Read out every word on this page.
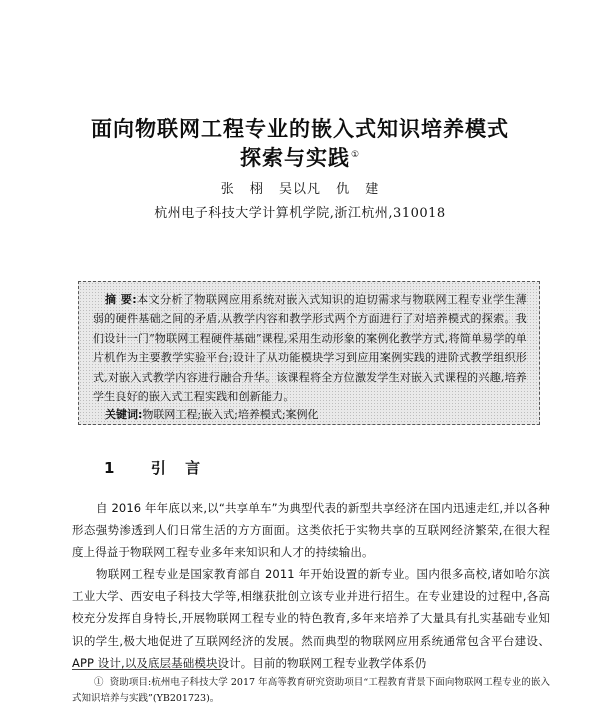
面向物联网工程专业的嵌入式知识培养模式
探索与实践①
张 栩 吴以凡 仇 建
杭州电子科技大学计算机学院,浙江杭州,310018

摘 要:本文分析了物联网应用系统对嵌入式知识的迫切需求与物联网工程专业学生薄弱的硬件基础之间的矛盾,从教学内容和教学形式两个方面进行了对培养模式的探索。我们设计一门“物联网工程硬件基础”课程,采用生动形象的案例化教学方式,将简单易学的单片机作为主要教学实验平台;设计了从功能模块学习到应用案例实践的进阶式教学组织形式,对嵌入式教学内容进行融合升华。该课程将全方位激发学生对嵌入式课程的兴趣,培养学生良好的嵌入式工程实践和创新能力。

关键词:物联网工程;嵌入式;培养模式;案例化

1 引 言

自 2016 年年底以来,以“共享单车”为典型代表的新型共享经济在国内迅速走红,并以各种形态强势渗透到人们日常生活的方方面面。这类依托于实物共享的互联网经济繁荣,在很大程度上得益于物联网工程专业多年来知识和人才的持续输出。

物联网工程专业是国家教育部自 2011 年开始设置的新专业。国内很多高校,诸如哈尔滨工业大学、西安电子科技大学等,相继获批创立该专业并进行招生。在专业建设的过程中,各高校充分发挥自身特长,开展物联网工程专业的特色教育,多年来培养了大量具有扎实基础专业知识的学生,极大地促进了互联网经济的发展。然而典型的物联网应用系统通常包含平台建设、APP 设计,以及底层基础模块设计。目前的物联网工程专业教学体系仍

① 资助项目:杭州电子科技大学 2017 年高等教育研究资助项目“工程教育背景下面向物联网工程专业的嵌入式知识培养与实践”(YB201723)。
